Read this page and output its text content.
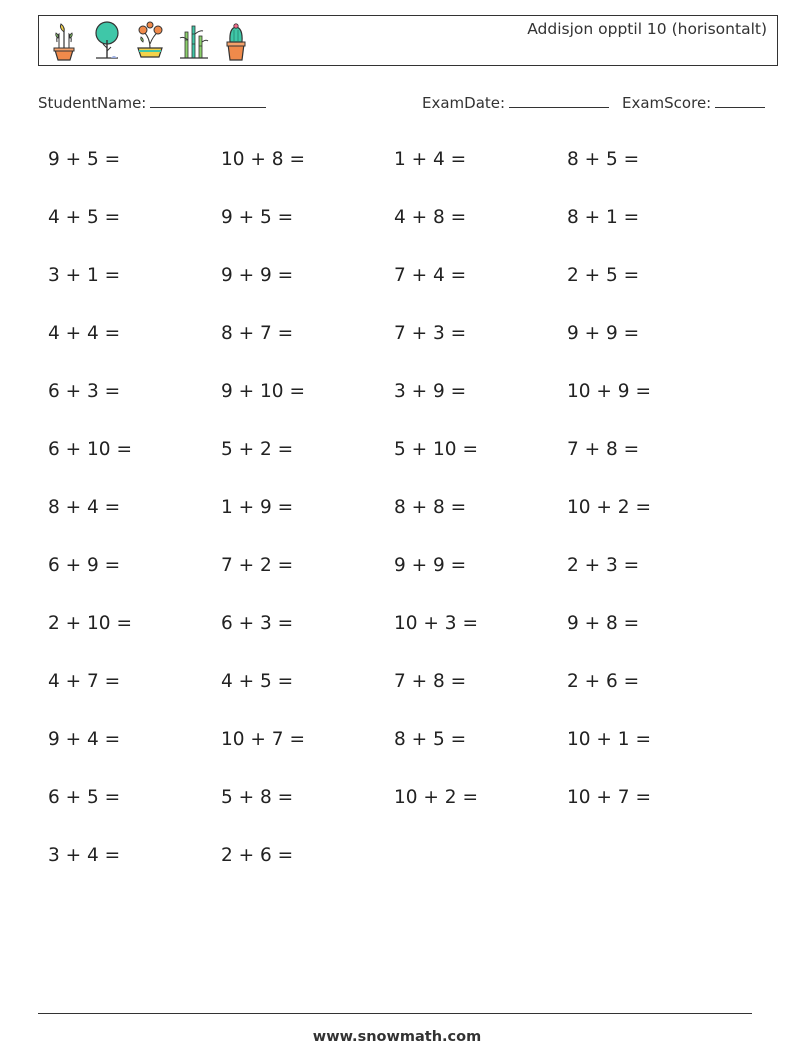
Addisjon opptil 10 (horisontalt)
StudentName:	ExamDate:	ExamScore:
9 + 5 =	10 + 8 =	1 + 4 =	8 + 5 =
4 + 5 =	9 + 5 =	4 + 8 =	8 + 1 =
3 + 1 =	9 + 9 =	7 + 4 =	2 + 5 =
4 + 4 =	8 + 7 =	7 + 3 =	9 + 9 =
6 + 3 =	9 + 10 =	3 + 9 =	10 + 9 =
6 + 10 =	5 + 2 =	5 + 10 =	7 + 8 =
8 + 4 =	1 + 9 =	8 + 8 =	10 + 2 =
6 + 9 =	7 + 2 =	9 + 9 =	2 + 3 =
2 + 10 =	6 + 3 =	10 + 3 =	9 + 8 =
4 + 7 =	4 + 5 =	7 + 8 =	2 + 6 =
9 + 4 =	10 + 7 =	8 + 5 =	10 + 1 =
6 + 5 =	5 + 8 =	10 + 2 =	10 + 7 =
3 + 4 =	2 + 6 =
www.snowmath.com
